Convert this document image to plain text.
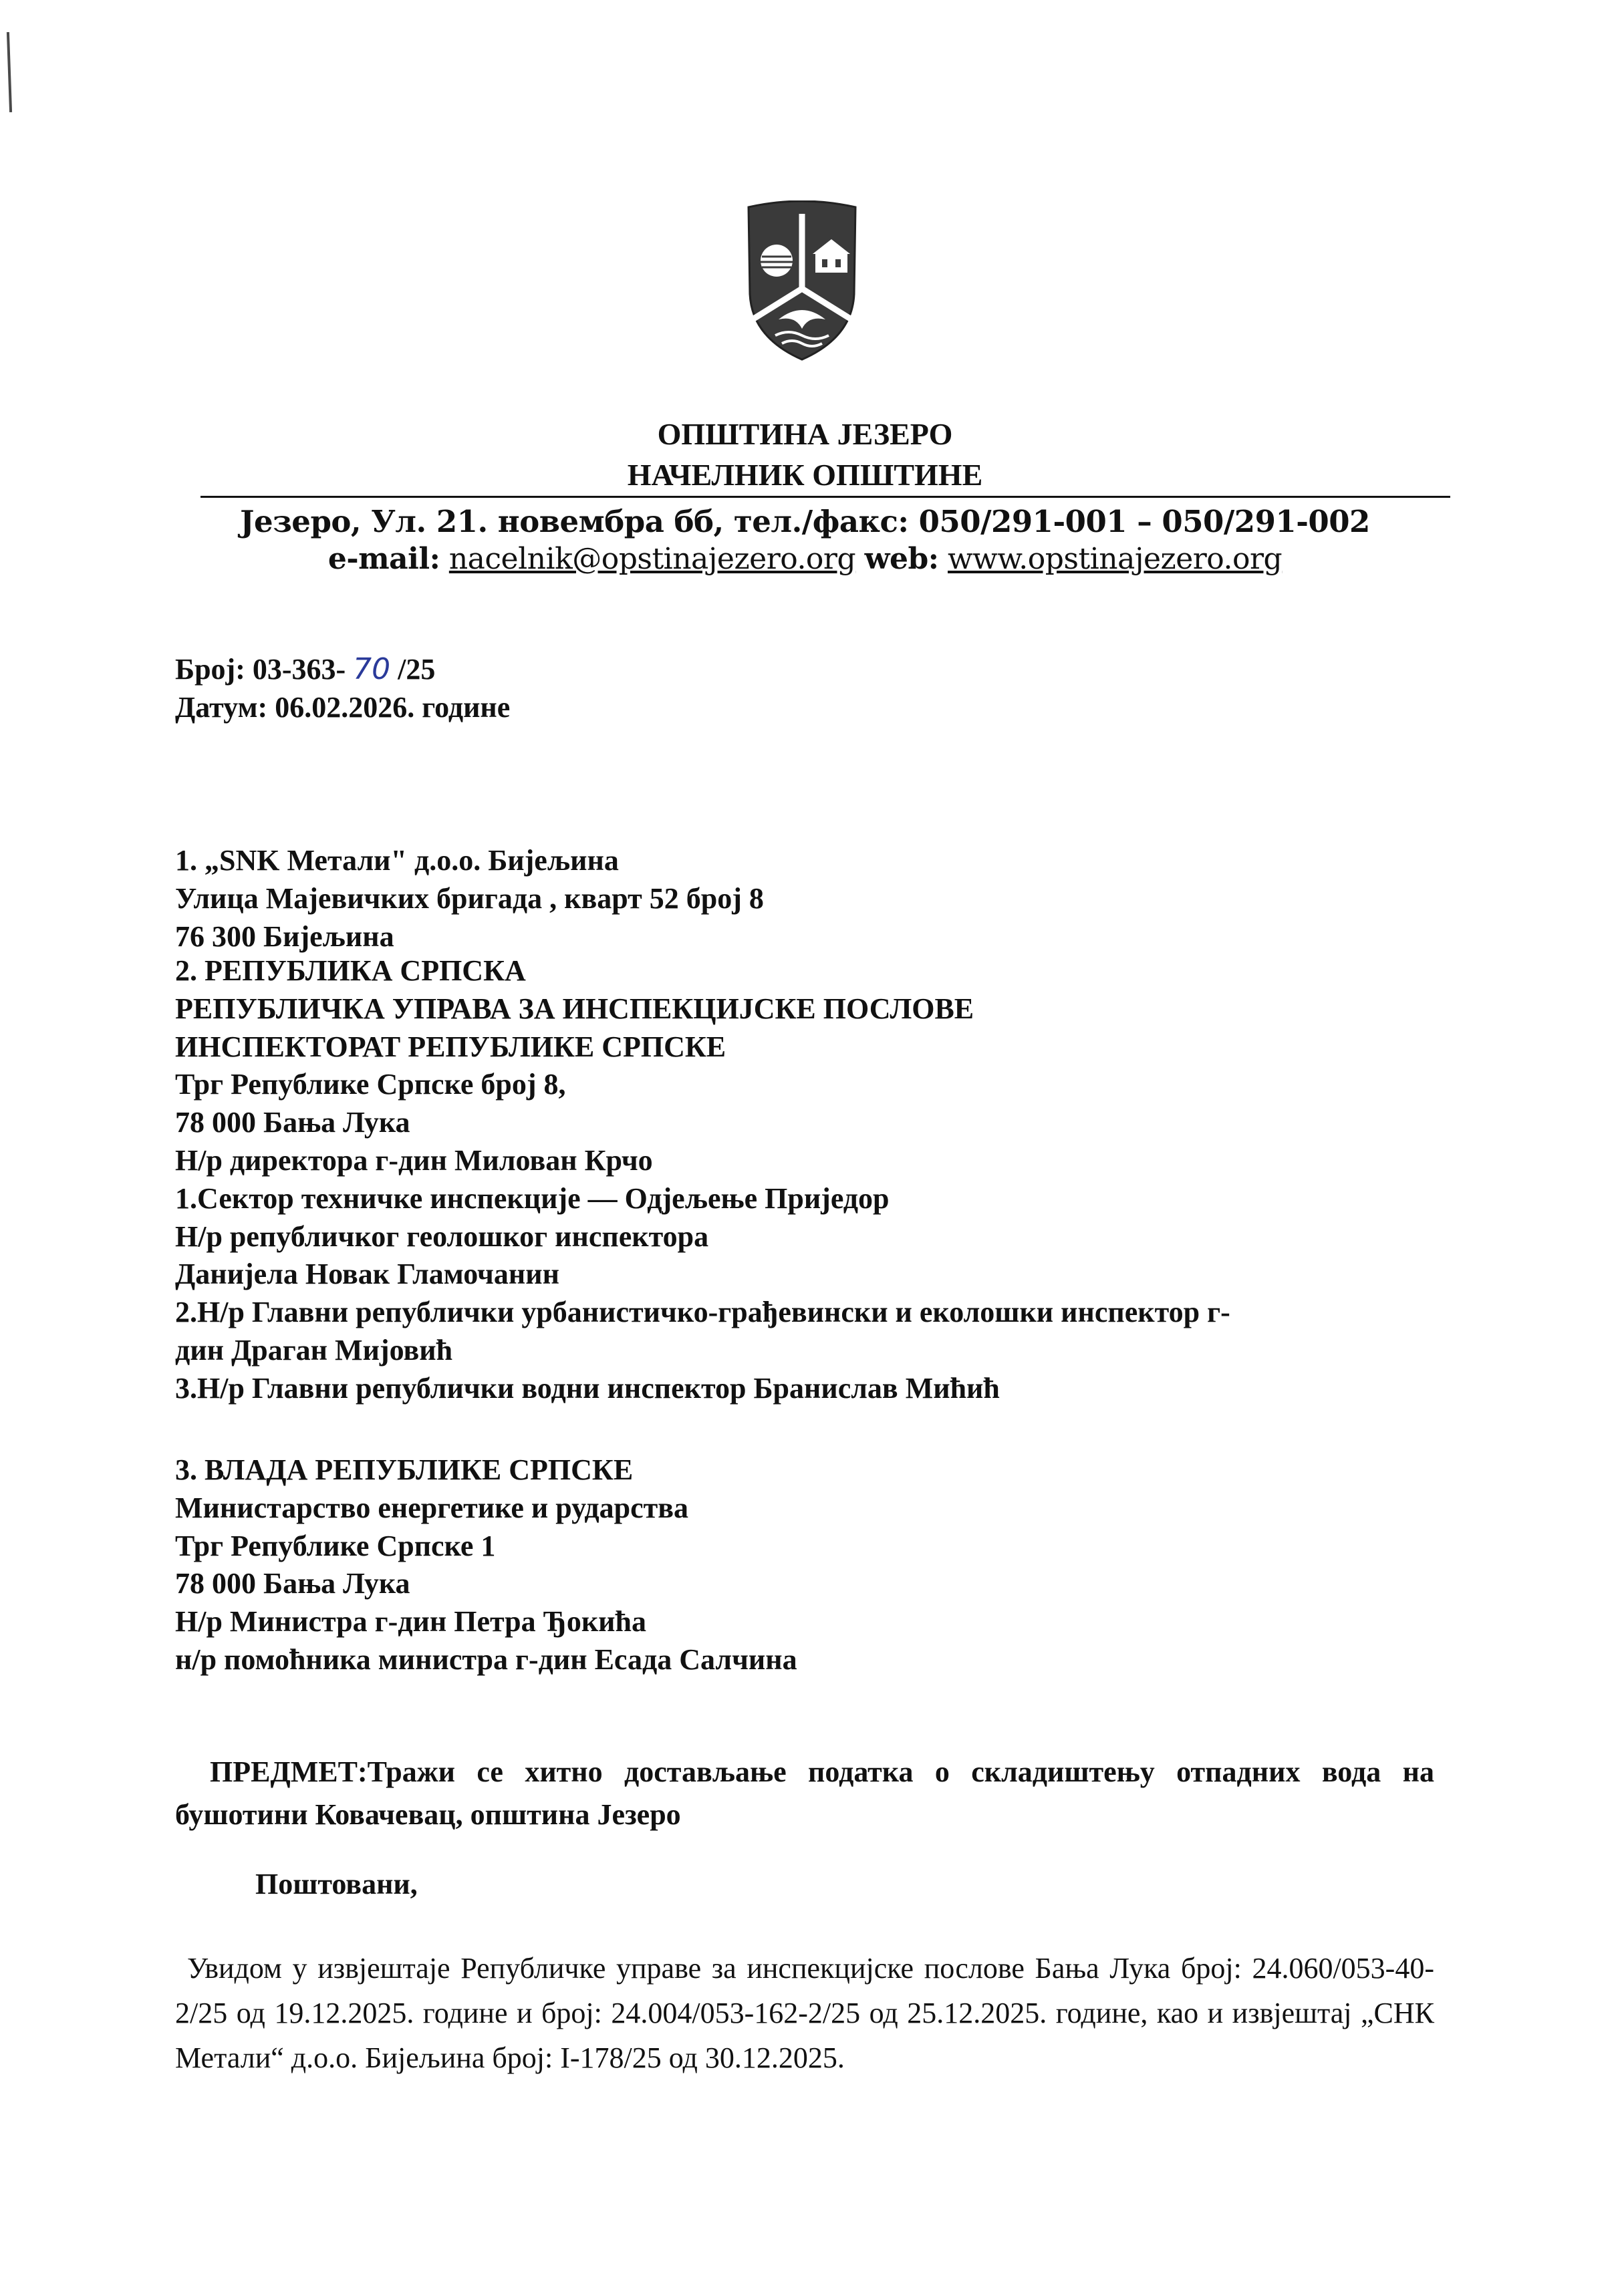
ОПШТИНА ЈЕЗЕРО
НАЧЕЛНИК ОПШТИНЕ
Језеро, Ул. 21. новембра бб, тел./факс: 050/291-001 – 050/291-002
e-mail: nacelnik@opstinajezero.org web: www.opstinajezero.org
Број: 03-363- 70 /25
Датум: 06.02.2026. године
1. „SNK Метали" д.о.о. Бијељина
Улица Мајевичких бригада , кварт 52 број 8
76 300 Бијељина
2. РЕПУБЛИКА СРПСКА
РЕПУБЛИЧКА УПРАВА ЗА ИНСПЕКЦИЈСКЕ ПОСЛОВЕ
ИНСПЕКТОРАТ РЕПУБЛИКЕ СРПСКЕ
Трг Републике Српске број 8,
78 000 Бања Лука
Н/р директора г-дин Милован Крчо
1.Сектор техничке инспекције — Одјељење Приједор
Н/р републичког геолошког инспектора
Данијела Новак Гламочанин
2.Н/р Главни републички урбанистичко-грађевински и еколошки инспектор г-
дин Драган Мијовић
3.Н/р Главни републички водни инспектор Бранислав Мићић
3. ВЛАДА РЕПУБЛИКЕ СРПСКЕ
Министарство енергетике и рударства
Трг Републике Српске 1
78 000 Бања Лука
Н/р Министра г-дин Петра Ђокића
н/р помоћника министра г-дин Есада Салчина
ПРЕДМЕТ:Тражи се хитно достављање податка о складиштењу отпадних вода на бушотини Ковачевац, општина Језеро
Поштовани,
Увидом у извјештаје Републичке управе за инспекцијске послове Бања Лука број: 24.060/053-40-2/25 од 19.12.2025. године и број: 24.004/053-162-2/25 од 25.12.2025. године, као и извјештај „СНК Метали“ д.о.о. Бијељина број: I-178/25 од 30.12.2025.
